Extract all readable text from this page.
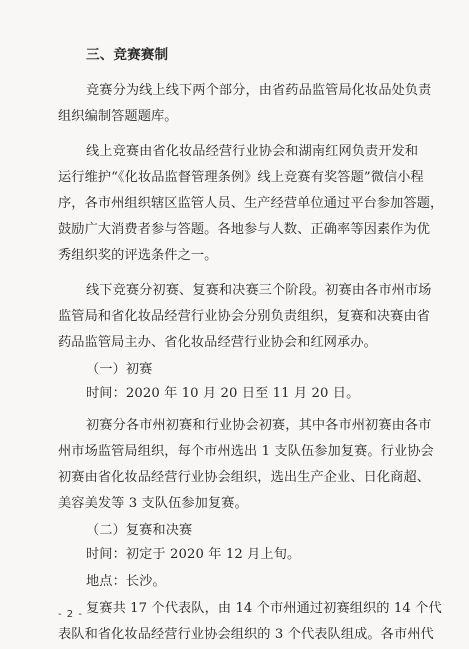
三、竞赛赛制
竞赛分为线上线下两个部分，由省药品监管局化妆品处负责
组织编制答题题库。
线上竞赛由省化妆品经营行业协会和湖南红网负责开发和
运行维护“《化妆品监督管理条例》线上竞赛有奖答题”微信小程
序，各市州组织辖区监管人员、生产经营单位通过平台参加答题，
鼓励广大消费者参与答题。各地参与人数、正确率等因素作为优
秀组织奖的评选条件之一。
线下竞赛分初赛、复赛和决赛三个阶段。初赛由各市州市场
监管局和省化妆品经营行业协会分别负责组织，复赛和决赛由省
药品监管局主办、省化妆品经营行业协会和红网承办。
（一）初赛
时间：2020 年 10 月 20 日至 11 月 20 日。
初赛分各市州初赛和行业协会初赛，其中各市州初赛由各市
州市场监管局组织，每个市州选出 1 支队伍参加复赛。行业协会
初赛由省化妆品经营行业协会组织，选出生产企业、日化商超、
美容美发等 3 支队伍参加复赛。
（二）复赛和决赛
时间：初定于 2020 年 12 月上旬。
地点：长沙。
复赛共 17 个代表队，由 14 个市州通过初赛组织的 14 个代
表队和省化妆品经营行业协会组织的 3 个代表队组成。各市州代
- 2 -
